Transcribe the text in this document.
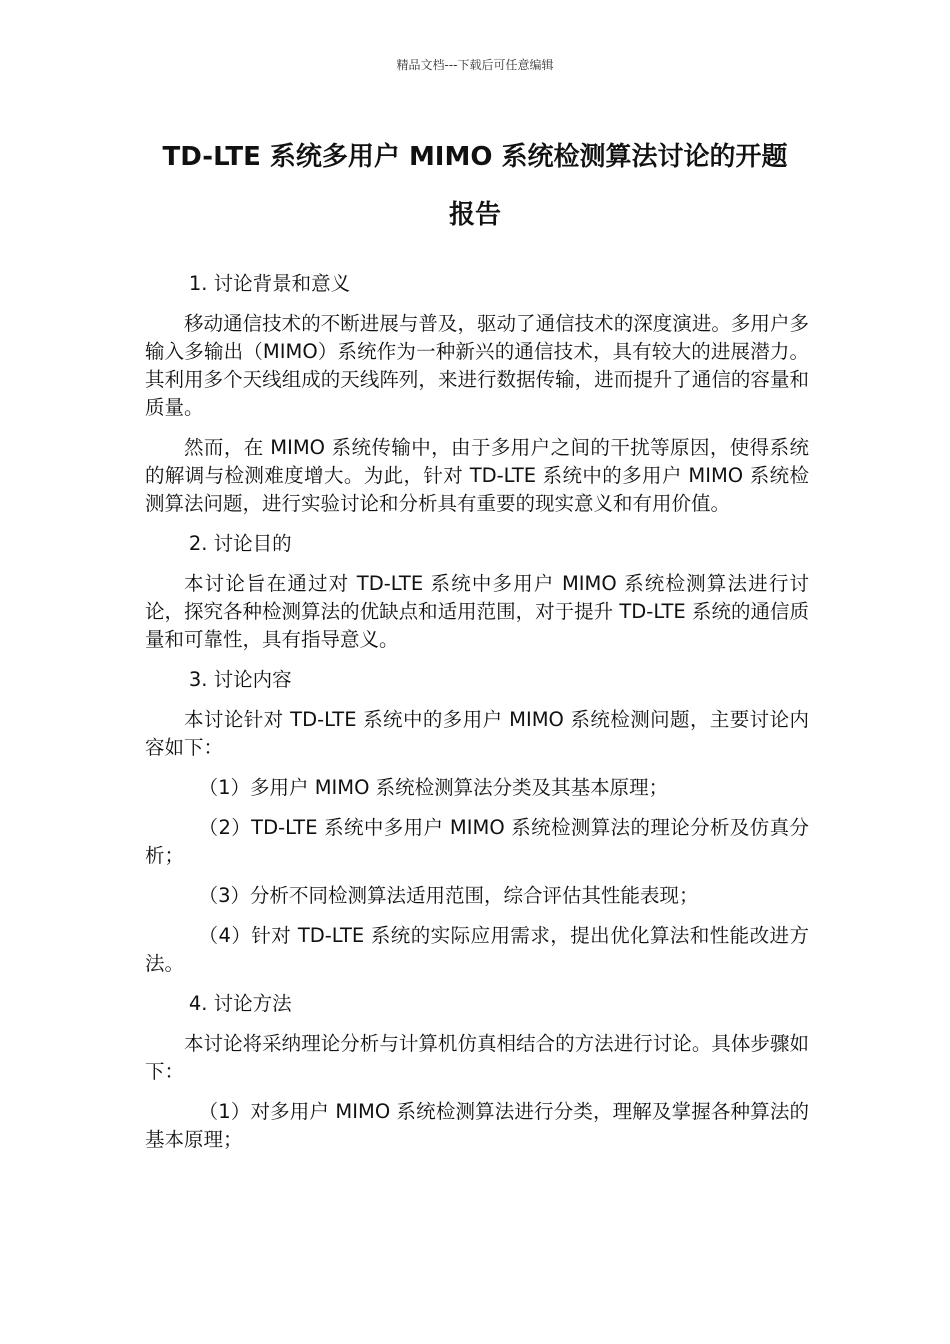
精品文档---下载后可任意编辑
TD-LTE 系统多用户 MIMO 系统检测算法讨论的开题
报告

1. 讨论背景和意义

移动通信技术的不断进展与普及，驱动了通信技术的深度演进。多用户多输入多输出（MIMO）系统作为一种新兴的通信技术，具有较大的进展潜力。其利用多个天线组成的天线阵列，来进行数据传输，进而提升了通信的容量和质量。

然而，在 MIMO 系统传输中，由于多用户之间的干扰等原因，使得系统的解调与检测难度增大。为此，针对 TD-LTE 系统中的多用户 MIMO 系统检测算法问题，进行实验讨论和分析具有重要的现实意义和有用价值。

2. 讨论目的

本讨论旨在通过对 TD-LTE 系统中多用户 MIMO 系统检测算法进行讨论，探究各种检测算法的优缺点和适用范围，对于提升 TD-LTE 系统的通信质量和可靠性，具有指导意义。

3. 讨论内容

本讨论针对 TD-LTE 系统中的多用户 MIMO 系统检测问题，主要讨论内容如下：

（1）多用户 MIMO 系统检测算法分类及其基本原理；

（2）TD-LTE 系统中多用户 MIMO 系统检测算法的理论分析及仿真分析；

（3）分析不同检测算法适用范围，综合评估其性能表现；

（4）针对 TD-LTE 系统的实际应用需求，提出优化算法和性能改进方法。

4. 讨论方法

本讨论将采纳理论分析与计算机仿真相结合的方法进行讨论。具体步骤如下：

（1）对多用户 MIMO 系统检测算法进行分类，理解及掌握各种算法的基本原理；
